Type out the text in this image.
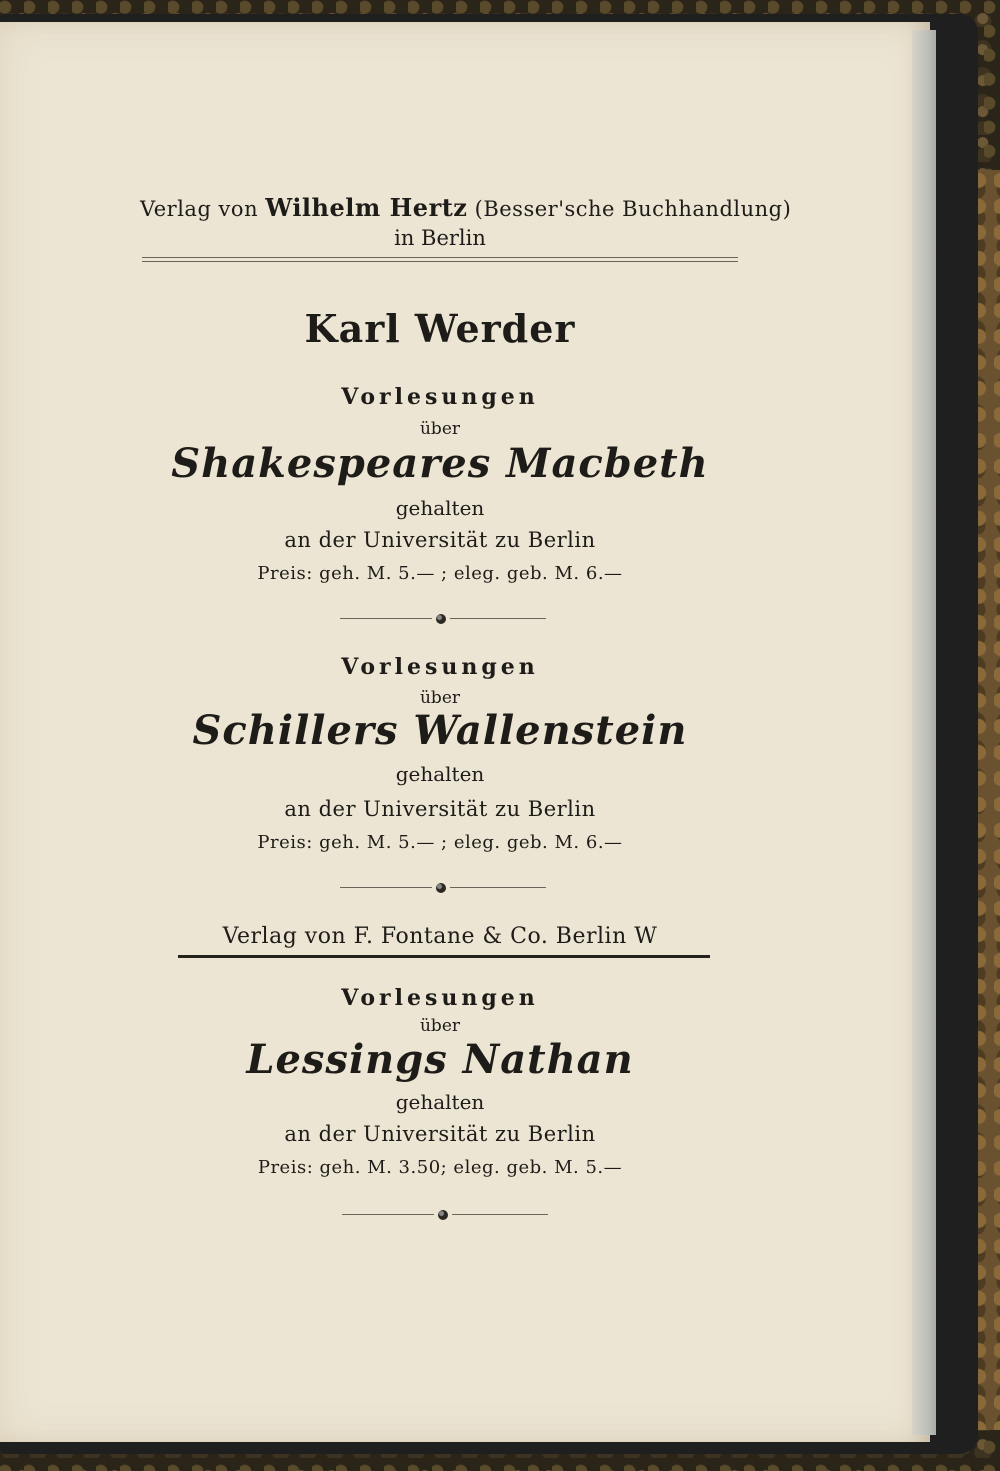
Verlag von Wilhelm Hertz (Besser'sche Buchhandlung)
in Berlin
Karl Werder
Vorlesungen
über
Shakespeares Macbeth
gehalten
an der Universität zu Berlin
Preis: geh. M. 5.— ; eleg. geb. M. 6.—
Vorlesungen
über
Schillers Wallenstein
gehalten
an der Universität zu Berlin
Preis: geh. M. 5.— ; eleg. geb. M. 6.—
Verlag von F. Fontane & Co. Berlin W
Vorlesungen
über
Lessings Nathan
gehalten
an der Universität zu Berlin
Preis: geh. M. 3.50; eleg. geb. M. 5.—
